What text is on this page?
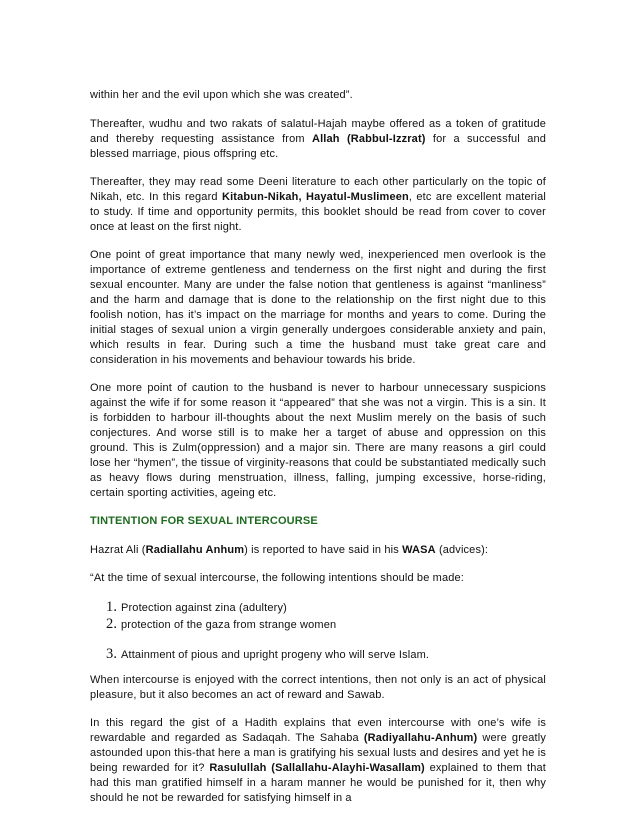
within her and the evil upon which she was created”.

Thereafter, wudhu and two rakats of salatul-Hajah maybe offered as a token of gratitude and thereby requesting assistance from Allah (Rabbul-Izzrat) for a successful and blessed marriage, pious offspring etc.

Thereafter, they may read some Deeni literature to each other particularly on the topic of Nikah, etc. In this regard Kitabun-Nikah, Hayatul-Muslimeen, etc are excellent material to study. If time and opportunity permits, this booklet should be read from cover to cover once at least on the first night.

One point of great importance that many newly wed, inexperienced men overlook is the importance of extreme gentleness and tenderness on the first night and during the first sexual encounter. Many are under the false notion that gentleness is against “manliness” and the harm and damage that is done to the relationship on the first night due to this foolish notion, has it’s impact on the marriage for months and years to come. During the initial stages of sexual union a virgin generally undergoes considerable anxiety and pain, which results in fear. During such a time the husband must take great care and consideration in his movements and behaviour towards his bride.

One more point of caution to the husband is never to harbour unnecessary suspicions against the wife if for some reason it “appeared” that she was not a virgin. This is a sin. It is forbidden to harbour ill-thoughts about the next Muslim merely on the basis of such conjectures. And worse still is to make her a target of abuse and oppression on this ground. This is Zulm(oppression) and a major sin. There are many reasons a girl could lose her “hymen”, the tissue of virginity-reasons that could be substantiated medically such as heavy flows during menstruation, illness, falling, jumping excessive, horse-riding, certain sporting activities, ageing etc.

TINTENTION FOR SEXUAL INTERCOURSE

Hazrat Ali (Radiallahu Anhum) is reported to have said in his WASA (advices):

“At the time of sexual intercourse, the following intentions should be made:

1. Protection against zina (adultery)
2. protection of the gaza from strange women
3. Attainment of pious and upright progeny who will serve Islam.

When intercourse is enjoyed with the correct intentions, then not only is an act of physical pleasure, but it also becomes an act of reward and Sawab.

In this regard the gist of a Hadith explains that even intercourse with one’s wife is rewardable and regarded as Sadaqah. The Sahaba (Radiyallahu-Anhum) were greatly astounded upon this-that here a man is gratifying his sexual lusts and desires and yet he is being rewarded for it? Rasulullah (Sallallahu-Alayhi-Wasallam) explained to them that had this man gratified himself in a haram manner he would be punished for it, then why should he not be rewarded for satisfying himself in a
